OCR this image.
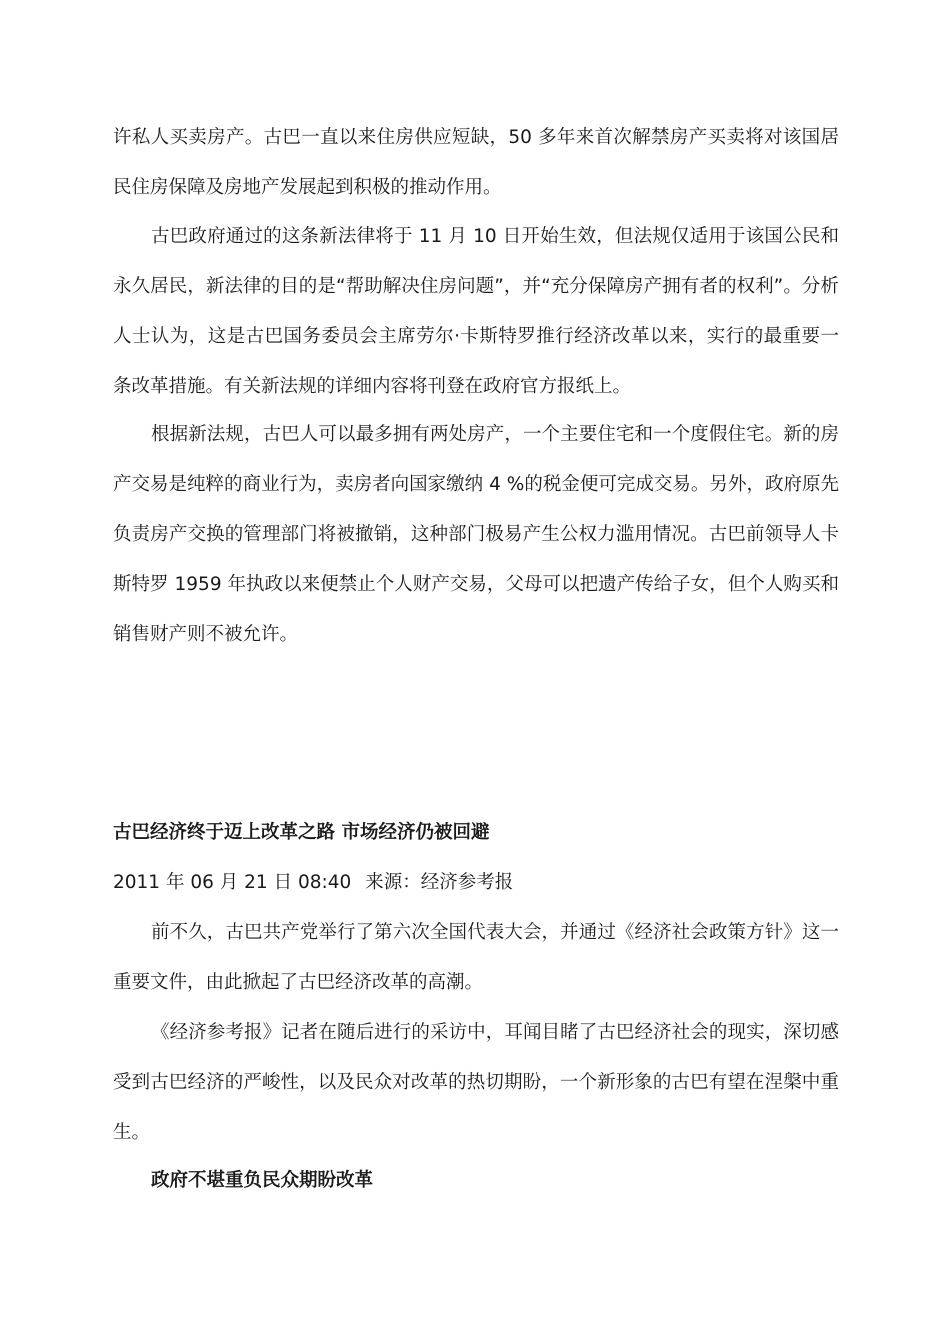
许私人买卖房产。古巴一直以来住房供应短缺，50 多年来首次解禁房产买卖将对该国居民住房保障及房地产发展起到积极的推动作用。

古巴政府通过的这条新法律将于 11 月 10 日开始生效，但法规仅适用于该国公民和永久居民，新法律的目的是“帮助解决住房问题”，并“充分保障房产拥有者的权利”。分析人士认为，这是古巴国务委员会主席劳尔·卡斯特罗推行经济改革以来，实行的最重要一条改革措施。有关新法规的详细内容将刊登在政府官方报纸上。

根据新法规，古巴人可以最多拥有两处房产，一个主要住宅和一个度假住宅。新的房产交易是纯粹的商业行为，卖房者向国家缴纳 4 %的税金便可完成交易。另外，政府原先负责房产交换的管理部门将被撤销，这种部门极易产生公权力滥用情况。古巴前领导人卡斯特罗 1959 年执政以来便禁止个人财产交易，父母可以把遗产传给子女，但个人购买和销售财产则不被允许。

古巴经济终于迈上改革之路 市场经济仍被回避
2011 年 06 月 21 日 08:40 来源：经济参考报

前不久，古巴共产党举行了第六次全国代表大会，并通过《经济社会政策方针》这一重要文件，由此掀起了古巴经济改革的高潮。

《经济参考报》记者在随后进行的采访中，耳闻目睹了古巴经济社会的现实，深切感受到古巴经济的严峻性，以及民众对改革的热切期盼，一个新形象的古巴有望在涅槃中重生。

政府不堪重负民众期盼改革
